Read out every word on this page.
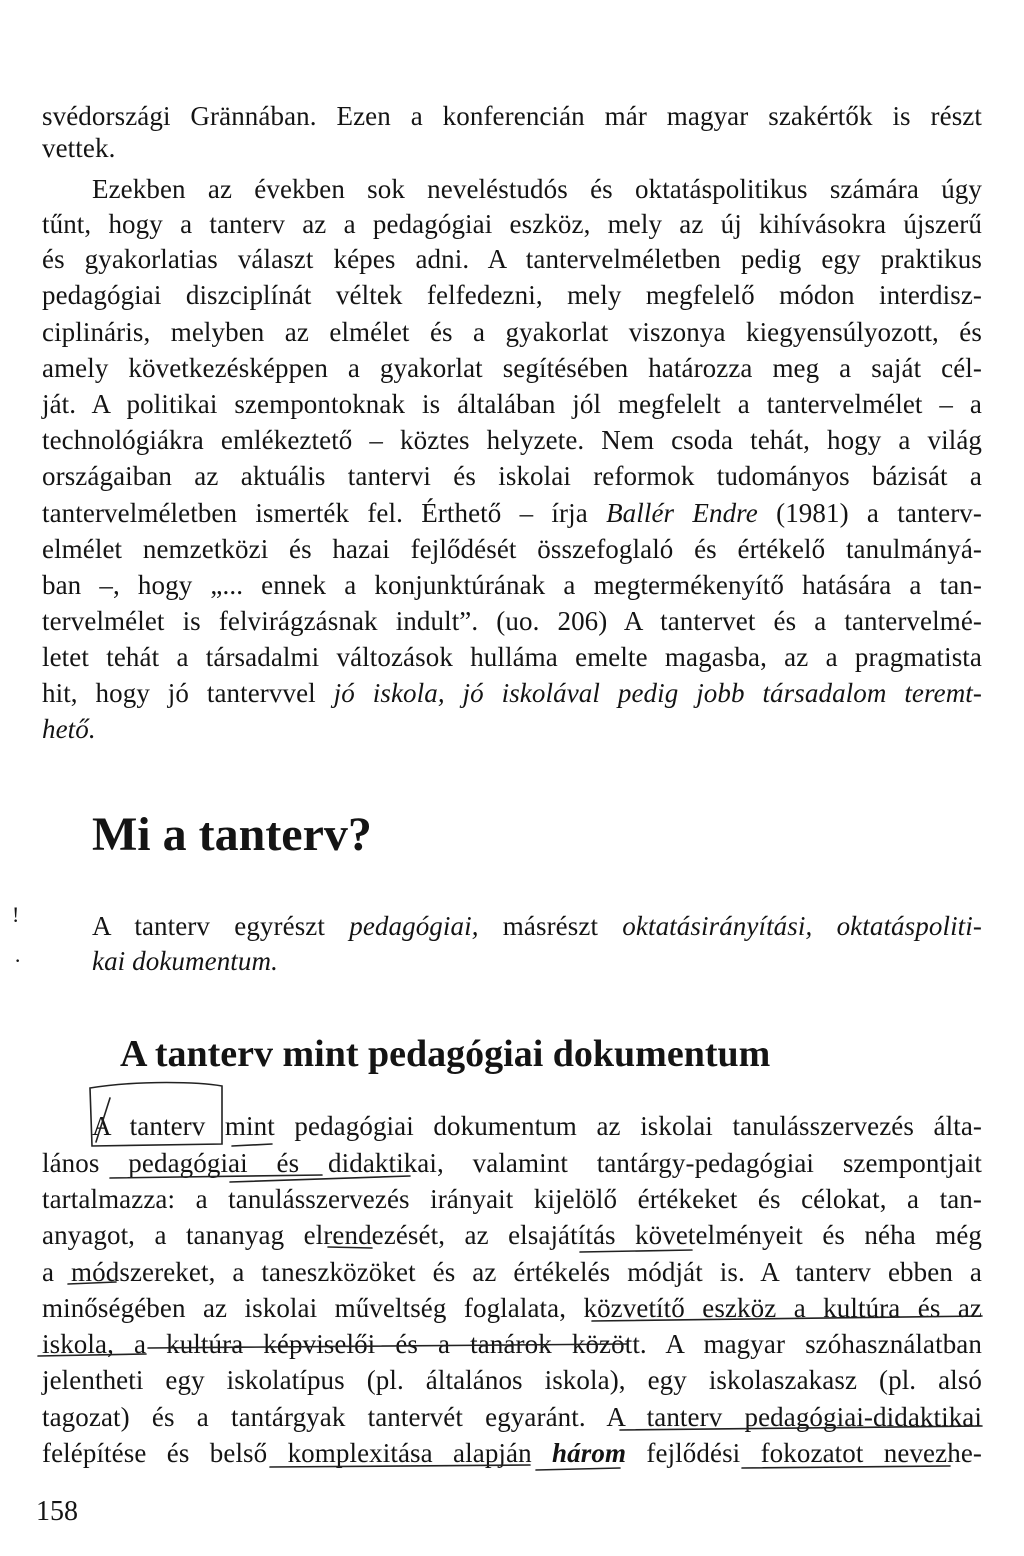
svédországi Grännában. Ezen a konferencián már magyar szakértők is részt
vettek.
Ezekben az években sok neveléstudós és oktatáspolitikus számára úgy
tűnt, hogy a tanterv az a pedagógiai eszköz, mely az új kihívásokra újszerű
és gyakorlatias választ képes adni. A tantervelméletben pedig egy praktikus
pedagógiai diszciplínát véltek felfedezni, mely megfelelő módon interdisz-
ciplináris, melyben az elmélet és a gyakorlat viszonya kiegyensúlyozott, és
amely következésképpen a gyakorlat segítésében határozza meg a saját cél-
ját. A politikai szempontoknak is általában jól megfelelt a tantervelmélet – a
technológiákra emlékeztető – köztes helyzete. Nem csoda tehát, hogy a világ
országaiban az aktuális tantervi és iskolai reformok tudományos bázisát a
tantervelméletben ismerték fel. Érthető – írja Ballér Endre (1981) a tanterv-
elmélet nemzetközi és hazai fejlődését összefoglaló és értékelő tanulmányá-
ban –, hogy „... ennek a konjunktúrának a megtermékenyítő hatására a tan-
tervelmélet is felvirágzásnak indult”. (uo. 206) A tantervet és a tantervelmé-
letet tehát a társadalmi változások hulláma emelte magasba, az a pragmatista
hit, hogy jó tantervvel jó iskola, jó iskolával pedig jobb társadalom teremt-
hető.
Mi a tanterv?
A tanterv egyrészt pedagógiai, másrészt oktatásirányítási, oktatáspoliti-
kai dokumentum.
A tanterv mint pedagógiai dokumentum
A tanterv mint pedagógiai dokumentum az iskolai tanulásszervezés álta-
lános pedagógiai és didaktikai, valamint tantárgy-pedagógiai szempontjait
tartalmazza: a tanulásszervezés irányait kijelölő értékeket és célokat, a tan-
anyagot, a tananyag elrendezését, az elsajátítás követelményeit és néha még
a módszereket, a taneszközöket és az értékelés módját is. A tanterv ebben a
minőségében az iskolai műveltség foglalata, közvetítő eszköz a kultúra és az
iskola, a kultúra képviselői és a tanárok között. A magyar szóhasználatban
jelentheti egy iskolatípus (pl. általános iskola), egy iskolaszakasz (pl. alsó
tagozat) és a tantárgyak tantervét egyaránt. A tanterv pedagógiai-didaktikai
felépítése és belső komplexitása alapján három fejlődési fokozatot nevezhe-
158
!
·
